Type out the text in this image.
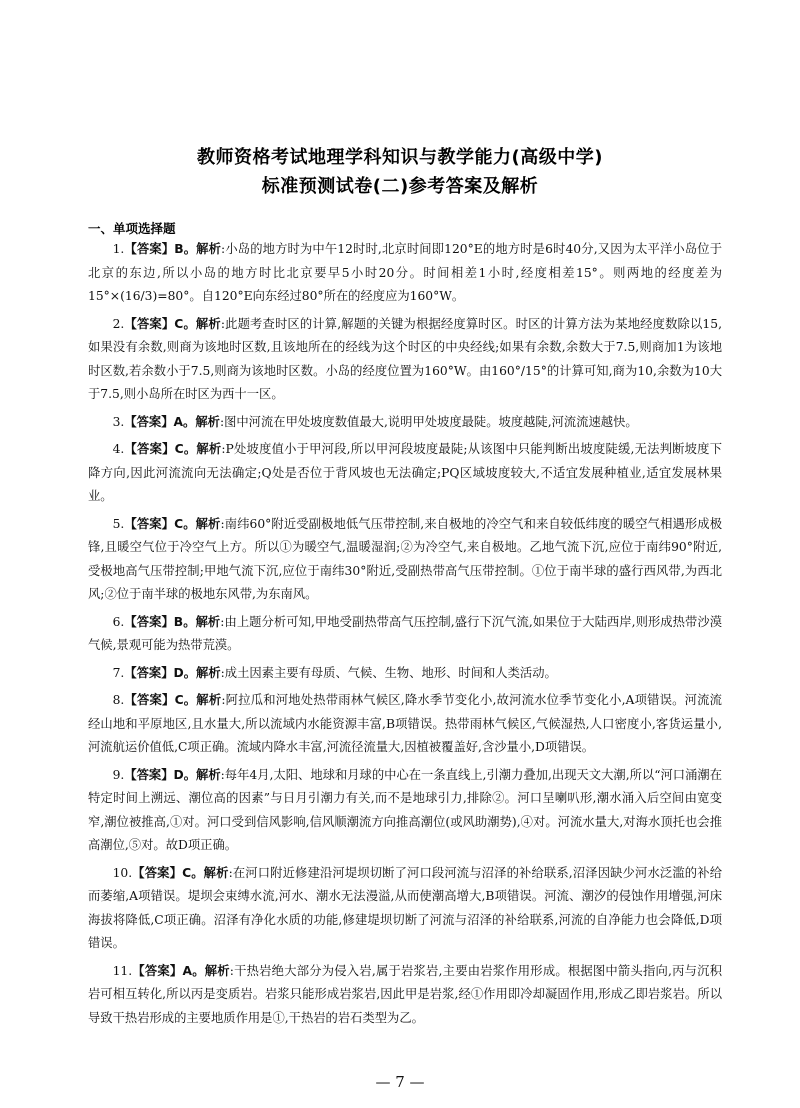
教师资格考试地理学科知识与教学能力(高级中学)
标准预测试卷(二)参考答案及解析
一、单项选择题

1.【答案】B。解析:小岛的地方时为中午12时时,北京时间即120°E的地方时是6时40分,又因为太平洋小岛位于北京的东边,所以小岛的地方时比北京要早5小时20分。时间相差1小时,经度相差15°。则两地的经度差为15°×(16/3)=80°。自120°E向东经过80°所在的经度应为160°W。

2.【答案】C。解析:此题考查时区的计算,解题的关键为根据经度算时区。时区的计算方法为某地经度数除以15,如果没有余数,则商为该地时区数,且该地所在的经线为这个时区的中央经线;如果有余数,余数大于7.5,则商加1为该地时区数,若余数小于7.5,则商为该地时区数。小岛的经度位置为160°W。由160°/15°的计算可知,商为10,余数为10大于7.5,则小岛所在时区为西十一区。

3.【答案】A。解析:图中河流在甲处坡度数值最大,说明甲处坡度最陡。坡度越陡,河流流速越快。

4.【答案】C。解析:P处坡度值小于甲河段,所以甲河段坡度最陡;从该图中只能判断出坡度陡缓,无法判断坡度下降方向,因此河流流向无法确定;Q处是否位于背风坡也无法确定;PQ区域坡度较大,不适宜发展种植业,适宜发展林果业。

5.【答案】C。解析:南纬60°附近受副极地低气压带控制,来自极地的冷空气和来自较低纬度的暖空气相遇形成极锋,且暖空气位于冷空气上方。所以①为暖空气,温暖湿润;②为冷空气,来自极地。乙地气流下沉,应位于南纬90°附近,受极地高气压带控制;甲地气流下沉,应位于南纬30°附近,受副热带高气压带控制。①位于南半球的盛行西风带,为西北风;②位于南半球的极地东风带,为东南风。

6.【答案】B。解析:由上题分析可知,甲地受副热带高气压控制,盛行下沉气流,如果位于大陆西岸,则形成热带沙漠气候,景观可能为热带荒漠。

7.【答案】D。解析:成土因素主要有母质、气候、生物、地形、时间和人类活动。

8.【答案】C。解析:阿拉瓜和河地处热带雨林气候区,降水季节变化小,故河流水位季节变化小,A项错误。河流流经山地和平原地区,且水量大,所以流域内水能资源丰富,B项错误。热带雨林气候区,气候湿热,人口密度小,客货运量小,河流航运价值低,C项正确。流域内降水丰富,河流径流量大,因植被覆盖好,含沙量小,D项错误。

9.【答案】D。解析:每年4月,太阳、地球和月球的中心在一条直线上,引潮力叠加,出现天文大潮,所以“河口涌潮在特定时间上溯远、潮位高的因素”与日月引潮力有关,而不是地球引力,排除②。河口呈喇叭形,潮水涌入后空间由宽变窄,潮位被推高,①对。河口受到信风影响,信风顺潮流方向推高潮位(或风助潮势),④对。河流水量大,对海水顶托也会推高潮位,⑤对。故D项正确。

10.【答案】C。解析:在河口附近修建沿河堤坝切断了河口段河流与沼泽的补给联系,沼泽因缺少河水泛滥的补给而萎缩,A项错误。堤坝会束缚水流,河水、潮水无法漫溢,从而使潮高增大,B项错误。河流、潮汐的侵蚀作用增强,河床海拔将降低,C项正确。沼泽有净化水质的功能,修建堤坝切断了河流与沼泽的补给联系,河流的自净能力也会降低,D项错误。

11.【答案】A。解析:干热岩绝大部分为侵入岩,属于岩浆岩,主要由岩浆作用形成。根据图中箭头指向,丙与沉积岩可相互转化,所以丙是变质岩。岩浆只能形成岩浆岩,因此甲是岩浆,经①作用即冷却凝固作用,形成乙即岩浆岩。所以导致干热岩形成的主要地质作用是①,干热岩的岩石类型为乙。

— 7 —
